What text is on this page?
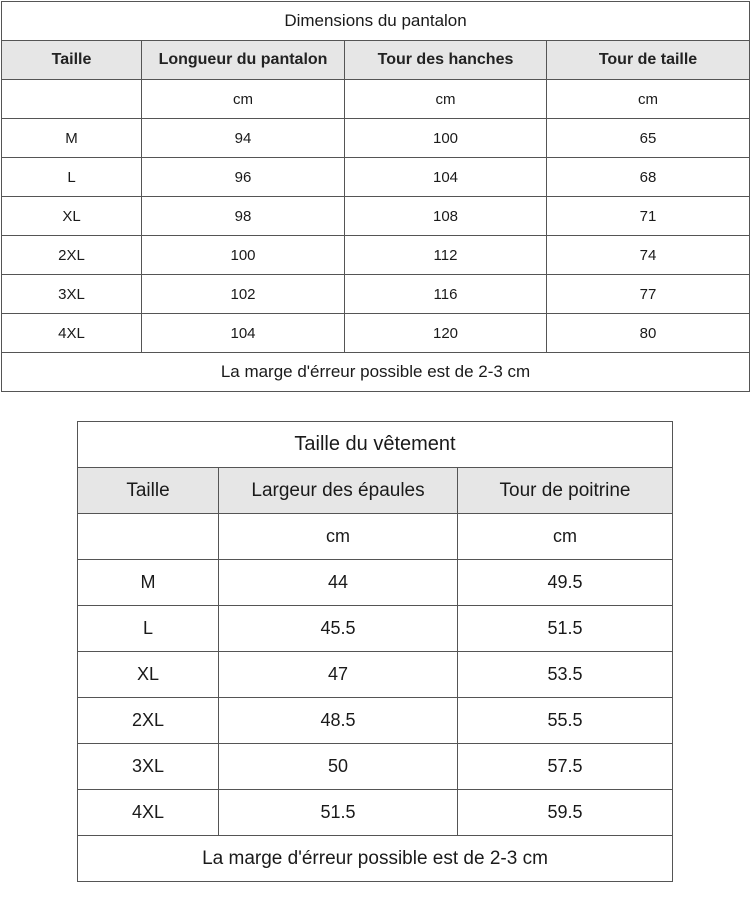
Dimensions du pantalon			
Taille	Longueur du pantalon	Tour des hanches	Tour de taille
	cm	cm	cm
M	94	100	65
L	96	104	68
XL	98	108	71
2XL	100	112	74
3XL	102	116	77
4XL	104	120	80
La marge d'érreur possible est de 2-3 cm			
Taille du vêtement		
Taille	Largeur des épaules	Tour de poitrine
	cm	cm
M	44	49.5
L	45.5	51.5
XL	47	53.5
2XL	48.5	55.5
3XL	50	57.5
4XL	51.5	59.5
La marge d'érreur possible est de 2-3 cm		
